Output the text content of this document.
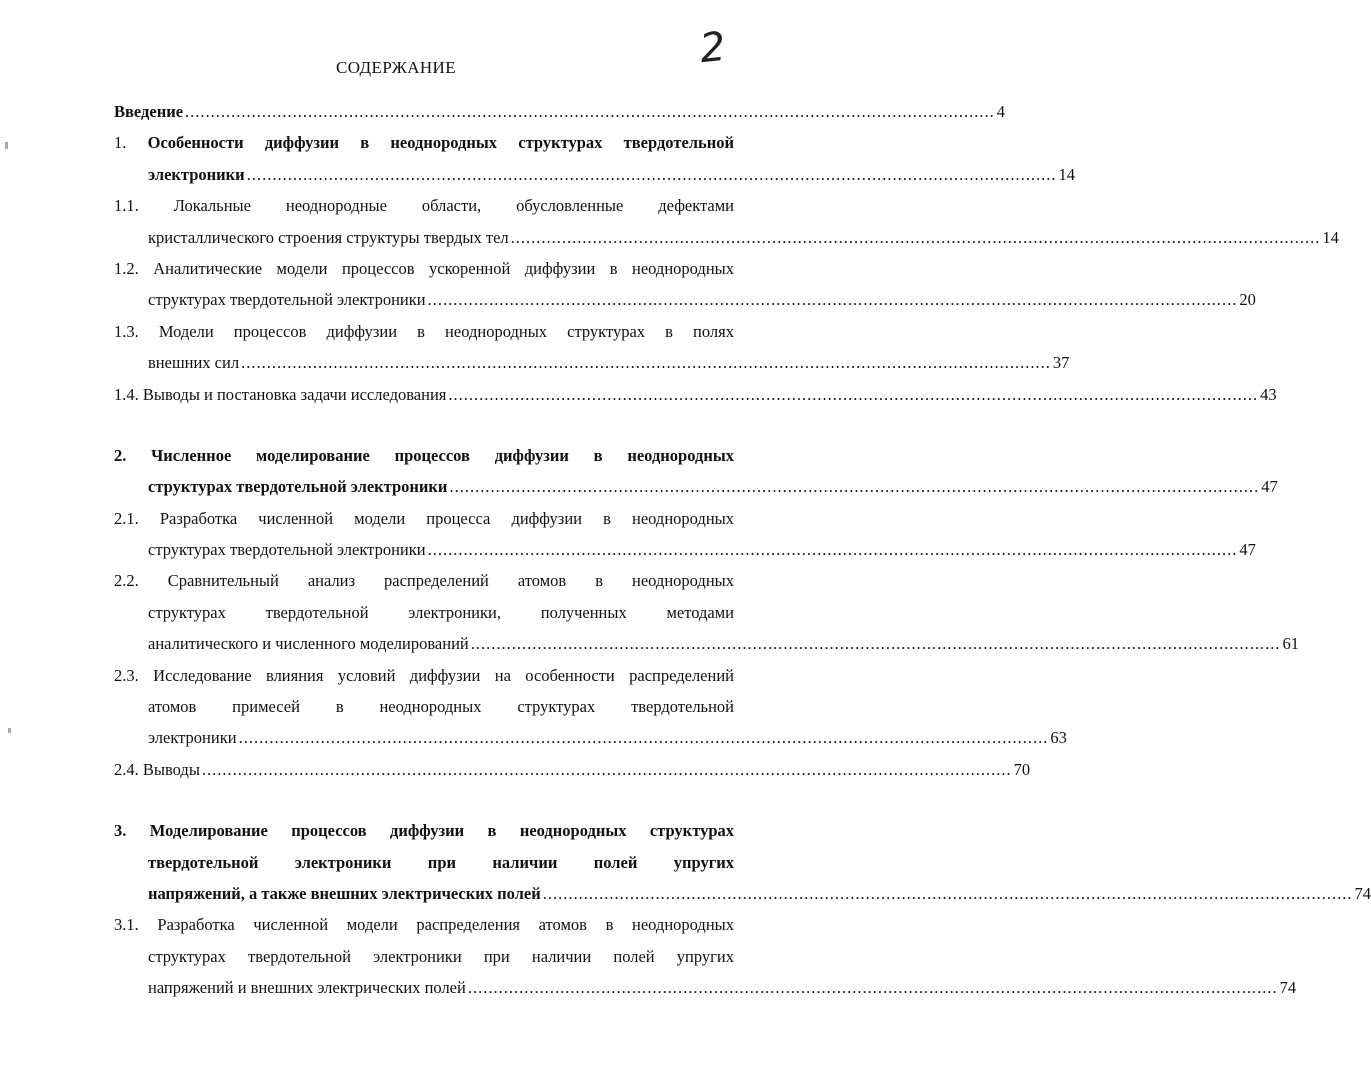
2
СОДЕРЖАНИЕ
Введение .............................................................................................................................................................. 4
1. Особенности диффузии в неоднородных структурах твердотельной
электроники .............................................................................................................................................................. 14
1.1. Локальные неоднородные области, обусловленные дефектами
кристаллического строения структуры твердых тел .............................................................................................................................................................. 14
1.2. Аналитические модели процессов ускоренной диффузии в неоднородных
структурах твердотельной электроники .............................................................................................................................................................. 20
1.3. Модели процессов диффузии в неоднородных структурах в полях
внешних сил .............................................................................................................................................................. 37
1.4. Выводы и постановка задачи исследования .............................................................................................................................................................. 43
2. Численное моделирование процессов диффузии в неоднородных
структурах твердотельной электроники .............................................................................................................................................................. 47
2.1. Разработка численной модели процесса диффузии в неоднородных
структурах твердотельной электроники .............................................................................................................................................................. 47
2.2. Сравнительный анализ распределений атомов в неоднородных
структурах твердотельной электроники, полученных методами
аналитического и численного моделирований .............................................................................................................................................................. 61
2.3. Исследование влияния условий диффузии на особенности распределений
атомов примесей в неоднородных структурах твердотельной
электроники .............................................................................................................................................................. 63
2.4. Выводы .............................................................................................................................................................. 70
3. Моделирование процессов диффузии в неоднородных структурах
твердотельной электроники при наличии полей упругих
напряжений, а также внешних электрических полей .............................................................................................................................................................. 74
3.1. Разработка численной модели распределения атомов в неоднородных
структурах твердотельной электроники при наличии полей упругих
напряжений и внешних электрических полей .............................................................................................................................................................. 74
